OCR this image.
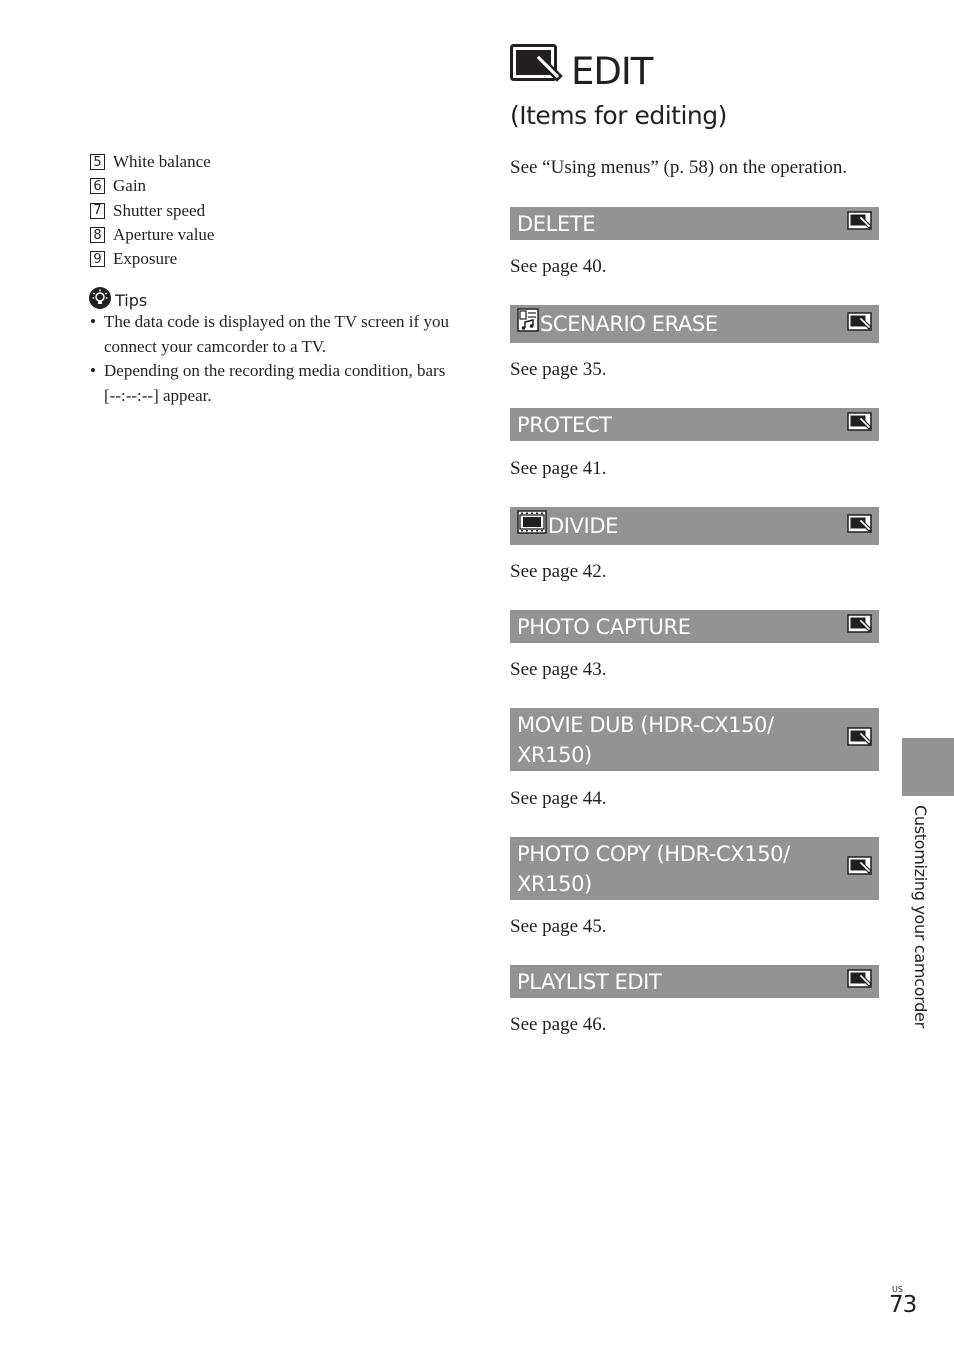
5 White balance
6 Gain
7 Shutter speed
8 Aperture value
9 Exposure
Tips
• The data code is displayed on the TV screen if you connect your camcorder to a TV.
• Depending on the recording media condition, bars [--:--:--] appear.
EDIT
(Items for editing)
See “Using menus” (p. 58) on the operation.
DELETE
See page 40.
SCENARIO ERASE
See page 35.
PROTECT
See page 41.
DIVIDE
See page 42.
PHOTO CAPTURE
See page 43.
MOVIE DUB (HDR-CX150/ XR150)
See page 44.
PHOTO COPY (HDR-CX150/ XR150)
See page 45.
PLAYLIST EDIT
See page 46.	Customizing your camcorder
US
73
